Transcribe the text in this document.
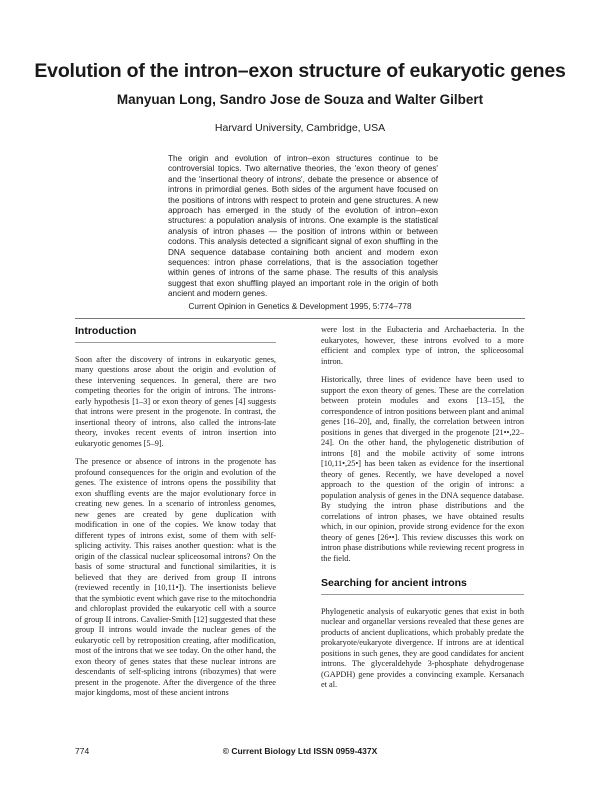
Evolution of the intron–exon structure of eukaryotic genes
Manyuan Long, Sandro Jose de Souza and Walter Gilbert
Harvard University, Cambridge, USA
The origin and evolution of intron–exon structures continue to be controversial topics. Two alternative theories, the 'exon theory of genes' and the 'insertional theory of introns', debate the presence or absence of introns in primordial genes. Both sides of the argument have focused on the positions of introns with respect to protein and gene structures. A new approach has emerged in the study of the evolution of intron–exon structures: a population analysis of introns. One example is the statistical analysis of intron phases — the position of introns within or between codons. This analysis detected a significant signal of exon shuffling in the DNA sequence database containing both ancient and modern exon sequences: intron phase correlations, that is the association together within genes of introns of the same phase. The results of this analysis suggest that exon shuffling played an important role in the origin of both ancient and modern genes.
Current Opinion in Genetics & Development 1995, 5:774–778
Introduction

Soon after the discovery of introns in eukaryotic genes, many questions arose about the origin and evolution of these intervening sequences. In general, there are two competing theories for the origin of introns. The introns-early hypothesis [1–3] or exon theory of genes [4] suggests that introns were present in the progenote. In contrast, the insertional theory of introns, also called the introns-late theory, invokes recent events of intron insertion into eukaryotic genomes [5–9].

The presence or absence of introns in the progenote has profound consequences for the origin and evolution of the genes. The existence of introns opens the possibility that exon shuffling events are the major evolutionary force in creating new genes. In a scenario of intronless genomes, new genes are created by gene duplication with modification in one of the copies. We know today that different types of introns exist, some of them with self-splicing activity. This raises another question: what is the origin of the classical nuclear spliceosomal introns? On the basis of some structural and functional similarities, it is believed that they are derived from group II introns (reviewed recently in [10,11•]). The insertionists believe that the symbiotic event which gave rise to the mitochondria and chloroplast provided the eukaryotic cell with a source of group II introns. Cavalier-Smith [12] suggested that these group II introns would invade the nuclear genes of the eukaryotic cell by retroposition creating, after modification, most of the introns that we see today. On the other hand, the exon theory of genes states that these nuclear introns are descendants of self-splicing introns (ribozymes) that were present in the progenote. After the divergence of the three major kingdoms, most of these ancient introns

were lost in the Eubacteria and Archaebacteria. In the eukaryotes, however, these introns evolved to a more efficient and complex type of intron, the spliceosomal intron.

Historically, three lines of evidence have been used to support the exon theory of genes. These are the correlation between protein modules and exons [13–15], the correspondence of intron positions between plant and animal genes [16–20], and, finally, the correlation between intron positions in genes that diverged in the progenote [21••,22–24]. On the other hand, the phylogenetic distribution of introns [8] and the mobile activity of some introns [10,11•,25•] has been taken as evidence for the insertional theory of genes. Recently, we have developed a novel approach to the question of the origin of introns: a population analysis of genes in the DNA sequence database. By studying the intron phase distributions and the correlations of intron phases, we have obtained results which, in our opinion, provide strong evidence for the exon theory of genes [26••]. This review discusses this work on intron phase distributions while reviewing recent progress in the field.

Searching for ancient introns

Phylogenetic analysis of eukaryotic genes that exist in both nuclear and organellar versions revealed that these genes are products of ancient duplications, which probably predate the prokaryote/eukaryote divergence. If introns are at identical positions in such genes, they are good candidates for ancient introns. The glyceraldehyde 3-phosphate dehydrogenase (GAPDH) gene provides a convincing example. Kersanach et al.

774	© Current Biology Ltd ISSN 0959-437X
